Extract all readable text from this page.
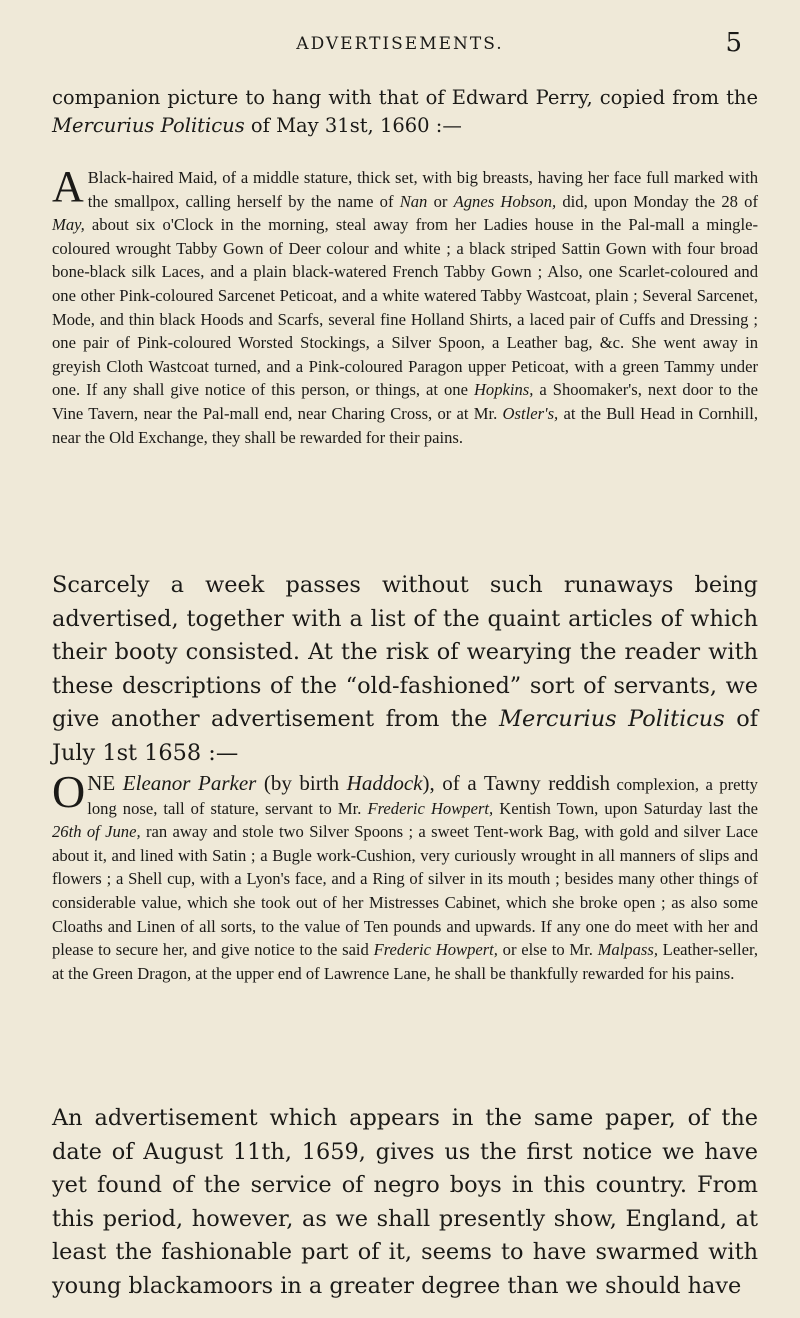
ADVERTISEMENTS.	5

companion picture to hang with that of Edward Perry, copied from the Mercurius Politicus of May 31st, 1660 :—

A Black-haired Maid, of a middle stature, thick set, with big breasts, having her face full marked with the smallpox, calling herself by the name of Nan or Agnes Hobson, did, upon Monday the 28 of May, about six o'Clock in the morning, steal away from her Ladies house in the Pal-mall a mingle-coloured wrought Tabby Gown of Deer colour and white ; a black striped Sattin Gown with four broad bone-black silk Laces, and a plain black-watered French Tabby Gown ; Also, one Scarlet-coloured and one other Pink-coloured Sarcenet Peticoat, and a white watered Tabby Wastcoat, plain ; Several Sarcenet, Mode, and thin black Hoods and Scarfs, several fine Holland Shirts, a laced pair of Cuffs and Dressing ; one pair of Pink-coloured Worsted Stockings, a Silver Spoon, a Leather bag, &c. She went away in greyish Cloth Wastcoat turned, and a Pink-coloured Paragon upper Peticoat, with a green Tammy under one. If any shall give notice of this person, or things, at one Hopkins, a Shoomaker's, next door to the Vine Tavern, near the Pal-mall end, near Charing Cross, or at Mr. Ostler's, at the Bull Head in Cornhill, near the Old Exchange, they shall be rewarded for their pains.

Scarcely a week passes without such runaways being advertised, together with a list of the quaint articles of which their booty consisted. At the risk of wearying the reader with these descriptions of the “old-fashioned” sort of servants, we give another advertisement from the Mercurius Politicus of July 1st 1658 :—

ONE Eleanor Parker (by birth Haddock), of a Tawny reddish complexion, a pretty long nose, tall of stature, servant to Mr. Frederic Howpert, Kentish Town, upon Saturday last the 26th of June, ran away and stole two Silver Spoons ; a sweet Tent-work Bag, with gold and silver Lace about it, and lined with Satin ; a Bugle work-Cushion, very curiously wrought in all manners of slips and flowers ; a Shell cup, with a Lyon's face, and a Ring of silver in its mouth ; besides many other things of considerable value, which she took out of her Mistresses Cabinet, which she broke open ; as also some Cloaths and Linen of all sorts, to the value of Ten pounds and upwards. If any one do meet with her and please to secure her, and give notice to the said Frederic Howpert, or else to Mr. Malpass, Leather-seller, at the Green Dragon, at the upper end of Lawrence Lane, he shall be thankfully rewarded for his pains.

An advertisement which appears in the same paper, of the date of August 11th, 1659, gives us the first notice we have yet found of the service of negro boys in this country. From this period, however, as we shall presently show, England, at least the fashionable part of it, seems to have swarmed with young blackamoors in a greater degree than we should have
